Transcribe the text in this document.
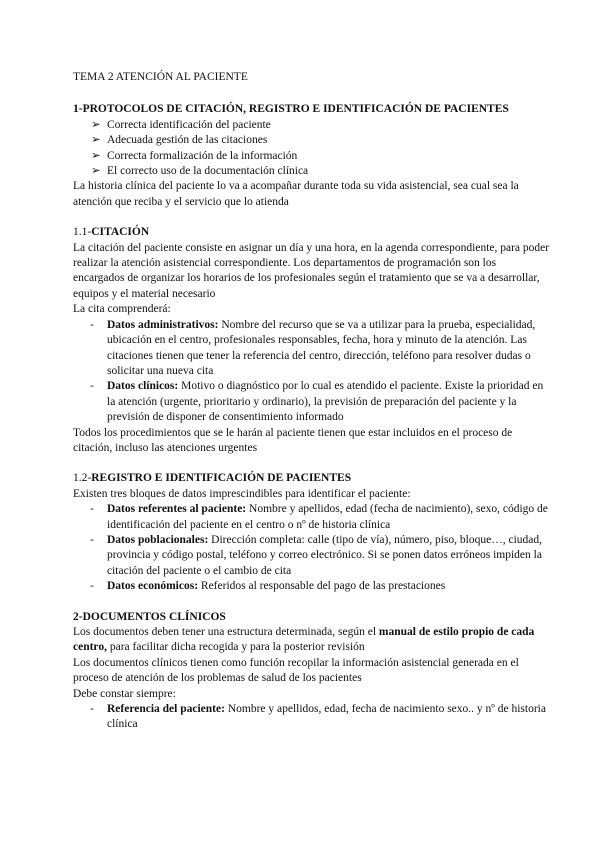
TEMA 2 ATENCIÓN AL PACIENTE

1-PROTOCOLOS DE CITACIÓN, REGISTRO E IDENTIFICACIÓN DE PACIENTES

➢ Correcta identificación del paciente
➢ Adecuada gestión de las citaciones
➢ Correcta formalización de la información
➢ El correcto uso de la documentación clínica

La historia clínica del paciente lo va a acompañar durante toda su vida asistencial, sea cual sea la atención que reciba y el servicio que lo atienda

1.1-CITACIÓN

La citación del paciente consiste en asignar un día y una hora, en la agenda correspondiente, para poder realizar la atención asistencial correspondiente. Los departamentos de programación son los encargados de organizar los horarios de los profesionales según el tratamiento que se va a desarrollar, equipos y el material necesario

La cita comprenderá:

- Datos administrativos: Nombre del recurso que se va a utilizar para la prueba, especialidad, ubicación en el centro, profesionales responsables, fecha, hora y minuto de la atención. Las citaciones tienen que tener la referencia del centro, dirección, teléfono para resolver dudas o solicitar una nueva cita
- Datos clínicos: Motivo o diagnóstico por lo cual es atendido el paciente. Existe la prioridad en la atención (urgente, prioritario y ordinario), la previsión de preparación del paciente y la previsión de disponer de consentimiento informado

Todos los procedimientos que se le harán al paciente tienen que estar incluidos en el proceso de citación, incluso las atenciones urgentes

1.2-REGISTRO E IDENTIFICACIÓN DE PACIENTES

Existen tres bloques de datos imprescindibles para identificar el paciente:

- Datos referentes al paciente: Nombre y apellidos, edad (fecha de nacimiento), sexo, código de identificación del paciente en el centro o nº de historia clínica
- Datos poblacionales: Dirección completa: calle (tipo de vía), número, piso, bloque…, ciudad, provincia y código postal, teléfono y correo electrónico. Si se ponen datos erróneos impiden la citación del paciente o el cambio de cita
- Datos económicos: Referidos al responsable del pago de las prestaciones

2-DOCUMENTOS CLÍNICOS

Los documentos deben tener una estructura determinada, según el manual de estilo propio de cada centro, para facilitar dicha recogida y para la posterior revisión

Los documentos clínicos tienen como función recopilar la información asistencial generada en el proceso de atención de los problemas de salud de los pacientes

Debe constar siempre:

- Referencia del paciente: Nombre y apellidos, edad, fecha de nacimiento sexo.. y nº de historia clínica
